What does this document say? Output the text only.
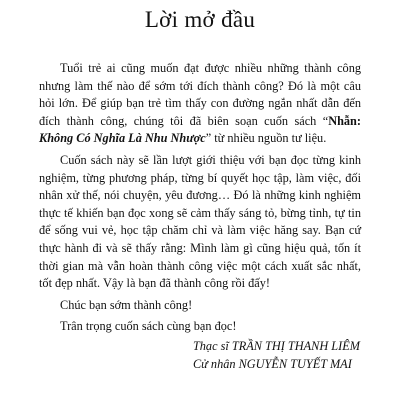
Lời mở đầu

Tuổi trẻ ai cũng muốn đạt được nhiều những thành công nhưng làm thế nào để sớm tới đích thành công? Đó là một câu hỏi lớn. Để giúp bạn trẻ tìm thấy con đường ngắn nhất dẫn đến đích thành công, chúng tôi đã biên soạn cuốn sách “Nhẫn: Không Có Nghĩa Là Nhu Nhược” từ nhiều nguồn tư liệu.

Cuốn sách này sẽ lần lượt giới thiệu với bạn đọc từng kinh nghiệm, từng phương pháp, từng bí quyết học tập, làm việc, đối nhân xử thế, nói chuyện, yêu đương… Đó là những kinh nghiệm thực tế khiến bạn đọc xong sẽ cảm thấy sáng tỏ, bừng tỉnh, tự tin để sống vui vẻ, học tập chăm chỉ và làm việc hăng say. Bạn cứ thực hành đi và sẽ thấy rằng: Mình làm gì cũng hiệu quả, tốn ít thời gian mà vẫn hoàn thành công việc một cách xuất sắc nhất, tốt đẹp nhất. Vậy là bạn đã thành công rồi đấy!

Chúc bạn sớm thành công!

Trân trọng cuốn sách cùng bạn đọc!

Thạc sĩ TRẦN THỊ THANH LIÊM
Cử nhân NGUYỄN TUYẾT MAI
